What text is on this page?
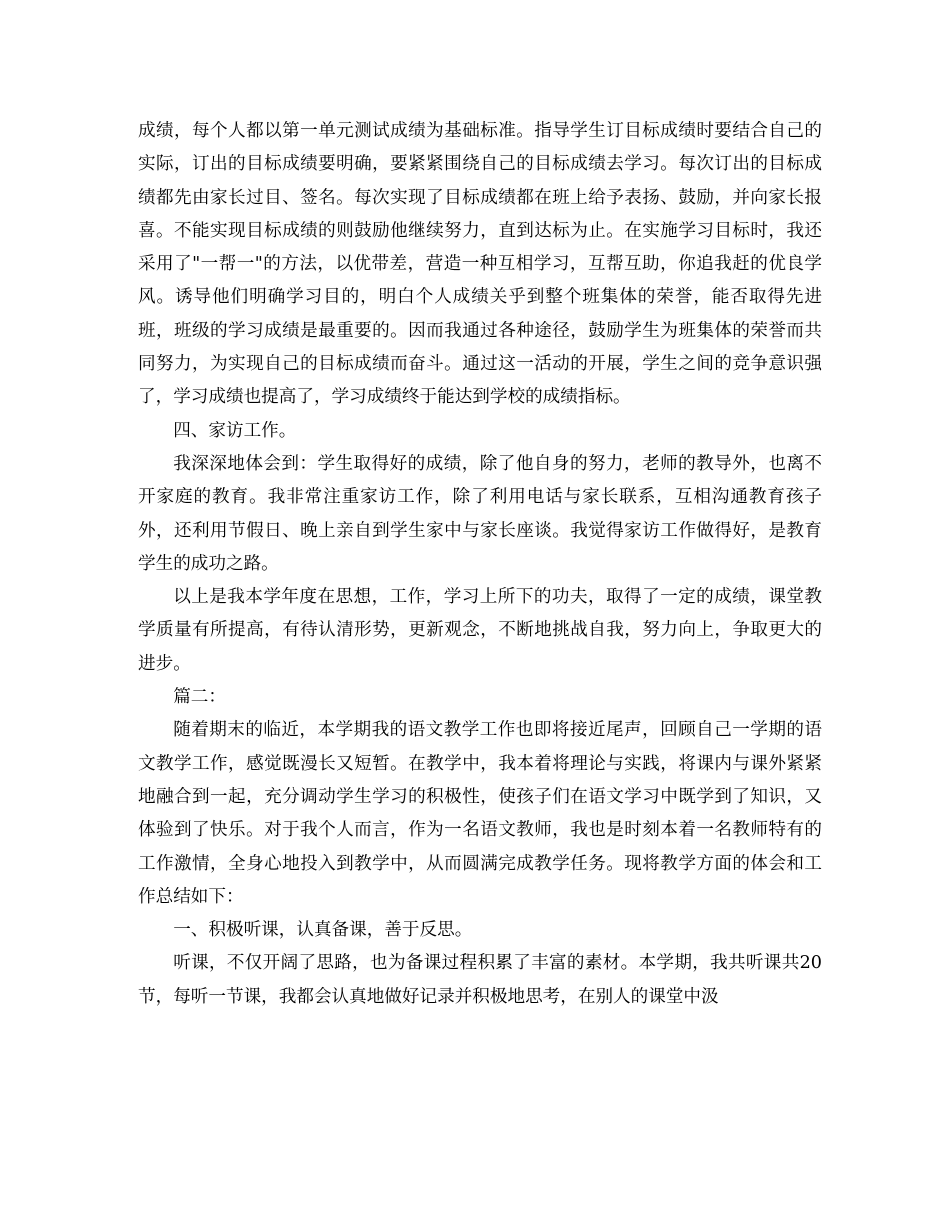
成绩，每个人都以第一单元测试成绩为基础标准。指导学生订目标成绩时要结合自己的实际，订出的目标成绩要明确，要紧紧围绕自己的目标成绩去学习。每次订出的目标成绩都先由家长过目、签名。每次实现了目标成绩都在班上给予表扬、鼓励，并向家长报喜。不能实现目标成绩的则鼓励他继续努力，直到达标为止。在实施学习目标时，我还采用了"一帮一"的方法，以优带差，营造一种互相学习，互帮互助，你追我赶的优良学风。诱导他们明确学习目的，明白个人成绩关乎到整个班集体的荣誉，能否取得先进班，班级的学习成绩是最重要的。因而我通过各种途径，鼓励学生为班集体的荣誉而共同努力，为实现自己的目标成绩而奋斗。通过这一活动的开展，学生之间的竞争意识强了，学习成绩也提高了，学习成绩终于能达到学校的成绩指标。

四、家访工作。

我深深地体会到：学生取得好的成绩，除了他自身的努力，老师的教导外，也离不开家庭的教育。我非常注重家访工作，除了利用电话与家长联系，互相沟通教育孩子外，还利用节假日、晚上亲自到学生家中与家长座谈。我觉得家访工作做得好，是教育学生的成功之路。

以上是我本学年度在思想，工作，学习上所下的功夫，取得了一定的成绩，课堂教学质量有所提高，有待认清形势，更新观念，不断地挑战自我，努力向上，争取更大的进步。

篇二：

随着期末的临近，本学期我的语文教学工作也即将接近尾声，回顾自己一学期的语文教学工作，感觉既漫长又短暂。在教学中，我本着将理论与实践，将课内与课外紧紧地融合到一起，充分调动学生学习的积极性，使孩子们在语文学习中既学到了知识，又体验到了快乐。对于我个人而言，作为一名语文教师，我也是时刻本着一名教师特有的工作激情，全身心地投入到教学中，从而圆满完成教学任务。现将教学方面的体会和工作总结如下：

一、积极听课，认真备课，善于反思。

听课，不仅开阔了思路，也为备课过程积累了丰富的素材。本学期，我共听课共20节，每听一节课，我都会认真地做好记录并积极地思考，在别人的课堂中汲
